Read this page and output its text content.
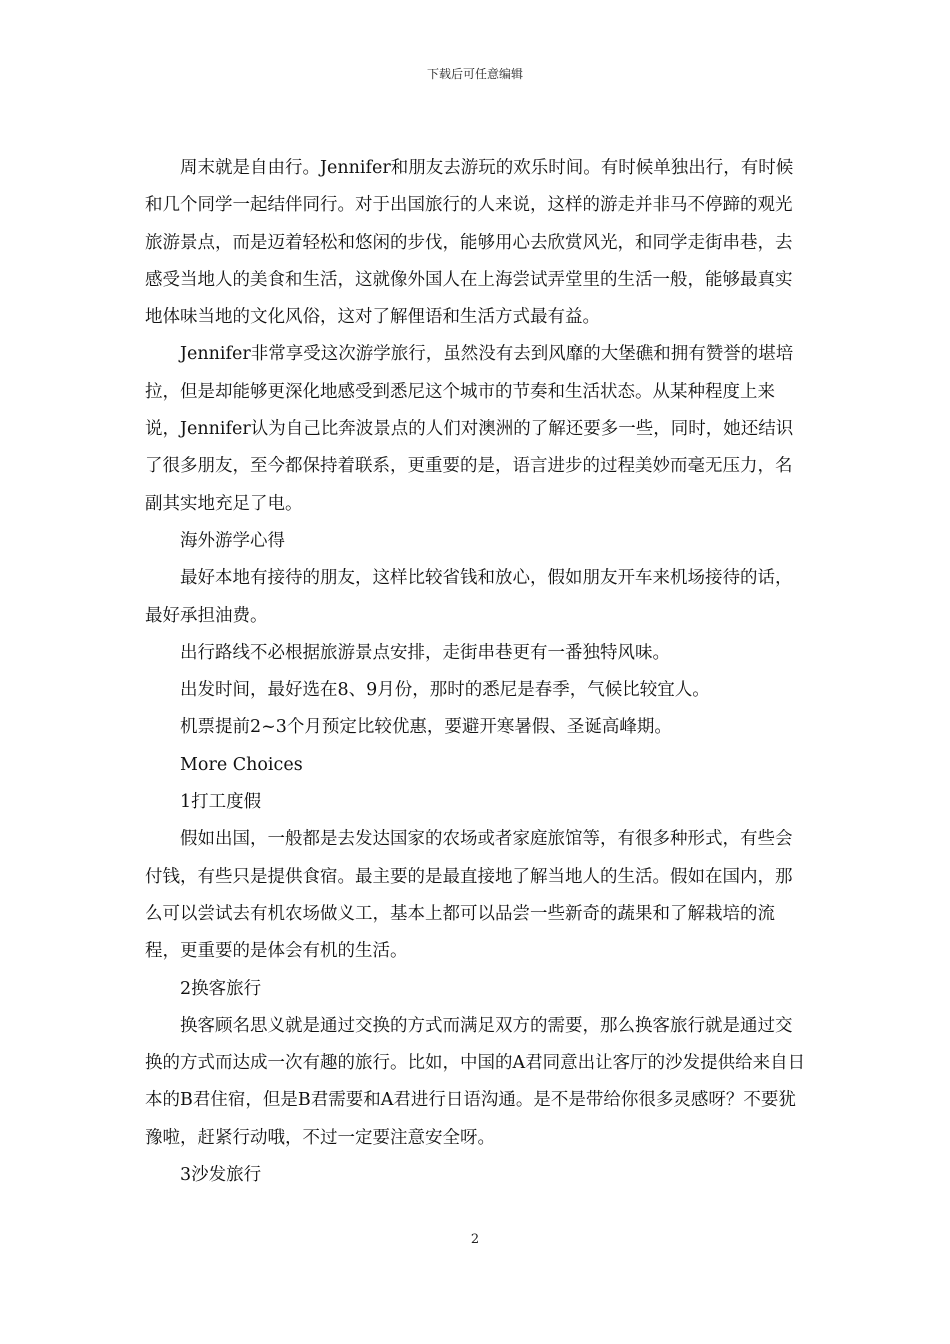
下载后可任意编辑

周末就是自由行。Jennifer和朋友去游玩的欢乐时间。有时候单独出行，有时候和几个同学一起结伴同行。对于出国旅行的人来说，这样的游走并非马不停蹄的观光旅游景点，而是迈着轻松和悠闲的步伐，能够用心去欣赏风光，和同学走街串巷，去感受当地人的美食和生活，这就像外国人在上海尝试弄堂里的生活一般，能够最真实地体味当地的文化风俗，这对了解俚语和生活方式最有益。

Jennifer非常享受这次游学旅行，虽然没有去到风靡的大堡礁和拥有赞誉的堪培拉，但是却能够更深化地感受到悉尼这个城市的节奏和生活状态。从某种程度上来说，Jennifer认为自己比奔波景点的人们对澳洲的了解还要多一些，同时，她还结识了很多朋友，至今都保持着联系，更重要的是，语言进步的过程美妙而毫无压力，名副其实地充足了电。

海外游学心得

最好本地有接待的朋友，这样比较省钱和放心，假如朋友开车来机场接待的话，最好承担油费。

出行路线不必根据旅游景点安排，走街串巷更有一番独特风味。

出发时间，最好选在8、9月份，那时的悉尼是春季，气候比较宜人。

机票提前2~3个月预定比较优惠，要避开寒暑假、圣诞高峰期。

More Choices

1打工度假

假如出国，一般都是去发达国家的农场或者家庭旅馆等，有很多种形式，有些会付钱，有些只是提供食宿。最主要的是最直接地了解当地人的生活。假如在国内，那么可以尝试去有机农场做义工，基本上都可以品尝一些新奇的蔬果和了解栽培的流程，更重要的是体会有机的生活。

2换客旅行

换客顾名思义就是通过交换的方式而满足双方的需要，那么换客旅行就是通过交换的方式而达成一次有趣的旅行。比如，中国的A君同意出让客厅的沙发提供给来自日本的B君住宿，但是B君需要和A君进行日语沟通。是不是带给你很多灵感呀？不要犹豫啦，赶紧行动哦，不过一定要注意安全呀。

3沙发旅行

2
